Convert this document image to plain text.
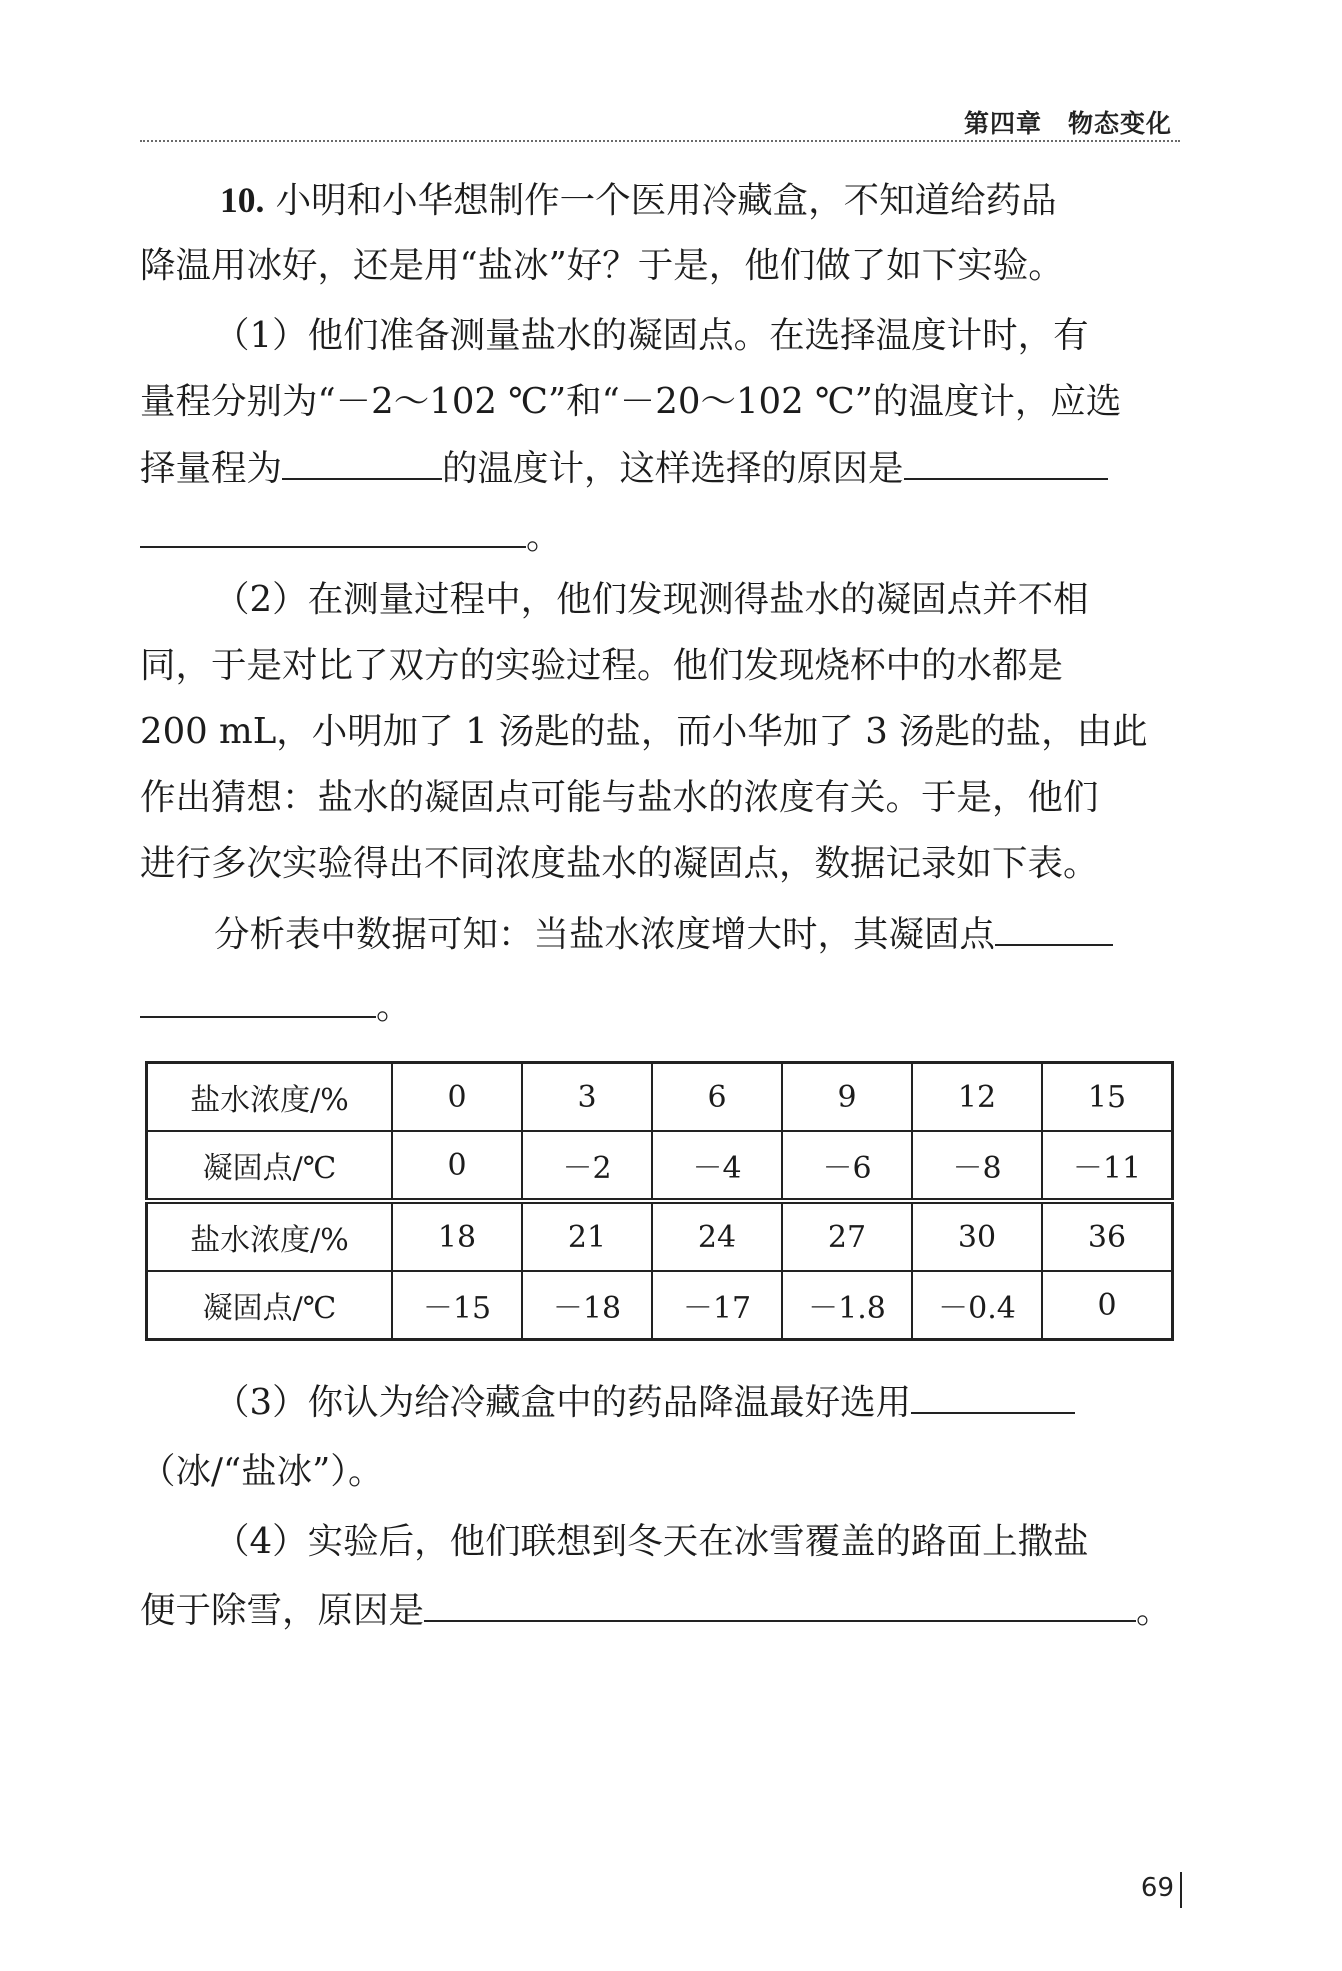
第四章　物态变化
10. 小明和小华想制作一个医用冷藏盒，不知道给药品
降温用冰好，还是用“盐冰”好？于是，他们做了如下实验。
（1）他们准备测量盐水的凝固点。在选择温度计时，有
量程分别为“－2～102 ℃”和“－20～102 ℃”的温度计，应选
择量程为	的温度计，这样选择的原因是
。
（2）在测量过程中，他们发现测得盐水的凝固点并不相
同，于是对比了双方的实验过程。他们发现烧杯中的水都是
200 mL，小明加了 1 汤匙的盐，而小华加了 3 汤匙的盐，由此
作出猜想：盐水的凝固点可能与盐水的浓度有关。于是，他们
进行多次实验得出不同浓度盐水的凝固点，数据记录如下表。
分析表中数据可知：当盐水浓度增大时，其凝固点
。
盐水浓度/%	0	3	6	9	12	15
凝固点/℃	0	－2	－4	－6	－8	－11
盐水浓度/%	18	21	24	27	30	36
凝固点/℃	－15	－18	－17	－1.8	－0.4	0
（3）你认为给冷藏盒中的药品降温最好选用
（冰/“盐冰”）。
（4）实验后，他们联想到冬天在冰雪覆盖的路面上撒盐
便于除雪，原因是	。
69
